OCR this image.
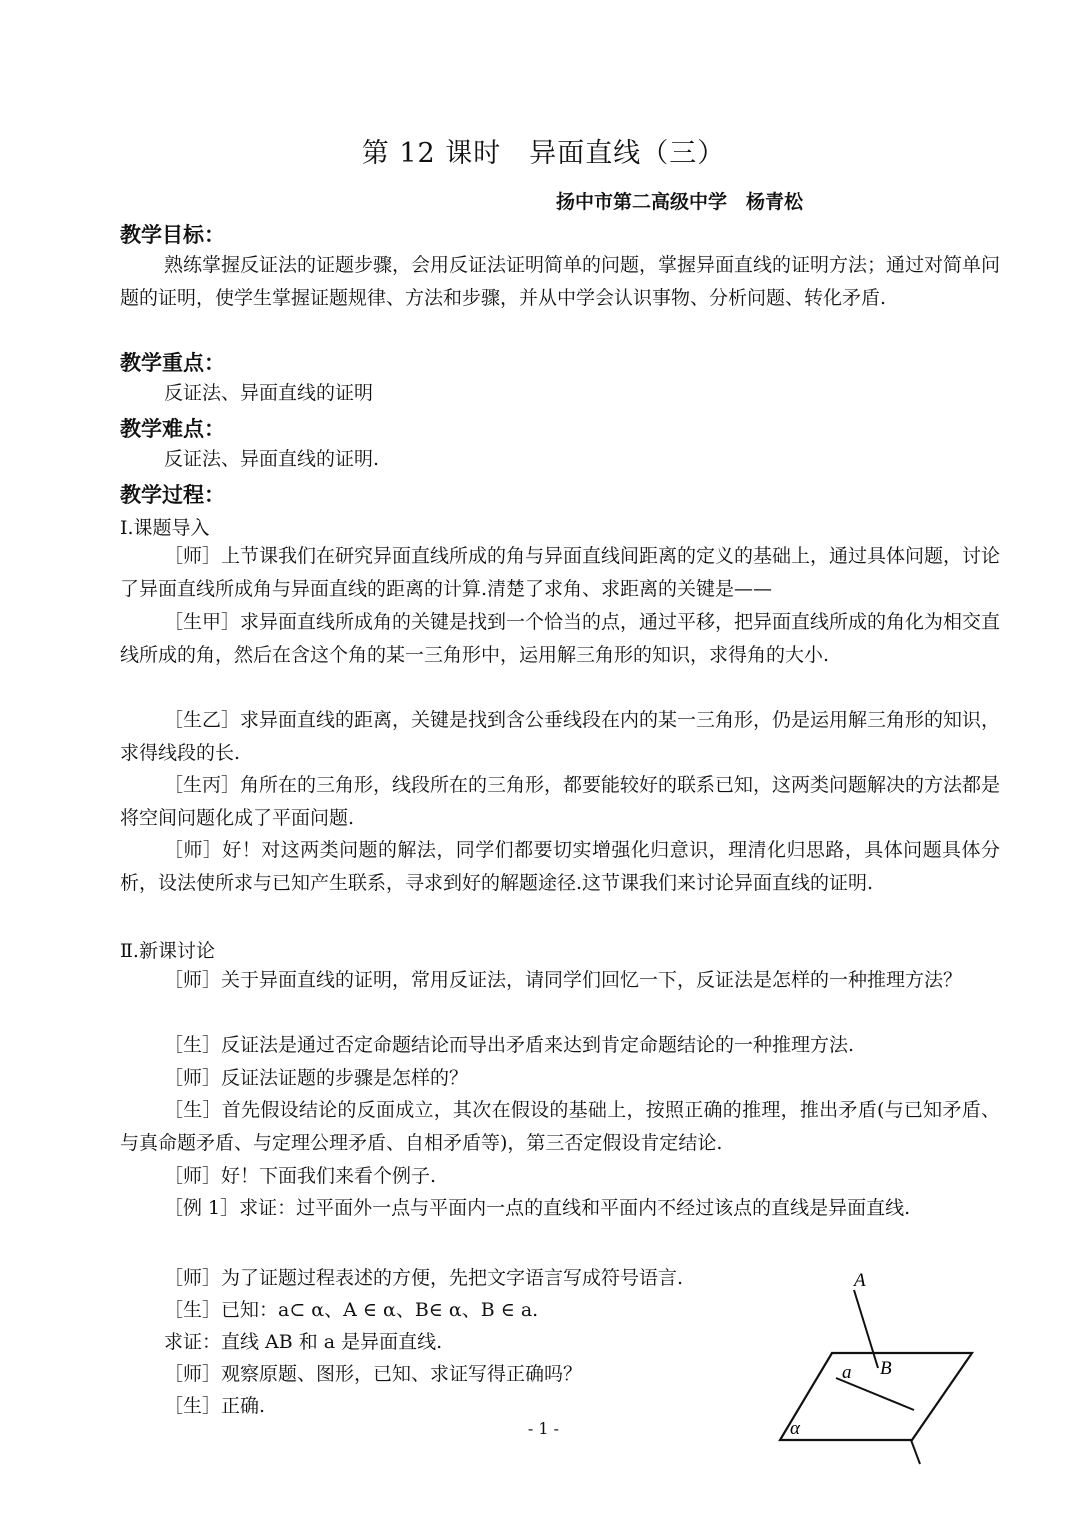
第 12 课时　异面直线（三）
扬中市第二高级中学　杨青松
教学目标：
熟练掌握反证法的证题步骤，会用反证法证明简单的问题，掌握异面直线的证明方法；通过对简单问题的证明，使学生掌握证题规律、方法和步骤，并从中学会认识事物、分析问题、转化矛盾.
教学重点：
反证法、异面直线的证明
教学难点：
反证法、异面直线的证明.
教学过程：
Ⅰ.课题导入
［师］上节课我们在研究异面直线所成的角与异面直线间距离的定义的基础上，通过具体问题，讨论了异面直线所成角与异面直线的距离的计算.清楚了求角、求距离的关键是——
［生甲］求异面直线所成角的关键是找到一个恰当的点，通过平移，把异面直线所成的角化为相交直线所成的角，然后在含这个角的某一三角形中，运用解三角形的知识，求得角的大小.
［生乙］求异面直线的距离，关键是找到含公垂线段在内的某一三角形，仍是运用解三角形的知识，求得线段的长.
［生丙］角所在的三角形，线段所在的三角形，都要能较好的联系已知，这两类问题解决的方法都是将空间问题化成了平面问题.
［师］好！对这两类问题的解法，同学们都要切实增强化归意识，理清化归思路，具体问题具体分析，设法使所求与已知产生联系，寻求到好的解题途径.这节课我们来讨论异面直线的证明.
Ⅱ.新课讨论
［师］关于异面直线的证明，常用反证法，请同学们回忆一下，反证法是怎样的一种推理方法？
［生］反证法是通过否定命题结论而导出矛盾来达到肯定命题结论的一种推理方法.
［师］反证法证题的步骤是怎样的？
［生］首先假设结论的反面成立，其次在假设的基础上，按照正确的推理，推出矛盾(与已知矛盾、与真命题矛盾、与定理公理矛盾、自相矛盾等)，第三否定假设肯定结论.
［师］好！下面我们来看个例子.
［例 1］求证：过平面外一点与平面内一点的直线和平面内不经过该点的直线是异面直线.
［师］为了证题过程表述的方便，先把文字语言写成符号语言.
［生］已知：a⊂ α、A ∈ α、B∈ α、B ∈ a.
求证：直线 AB 和 a 是异面直线.
［师］观察原题、图形，已知、求证写得正确吗？
［生］正确.
A
B
a
α
- 1 -
